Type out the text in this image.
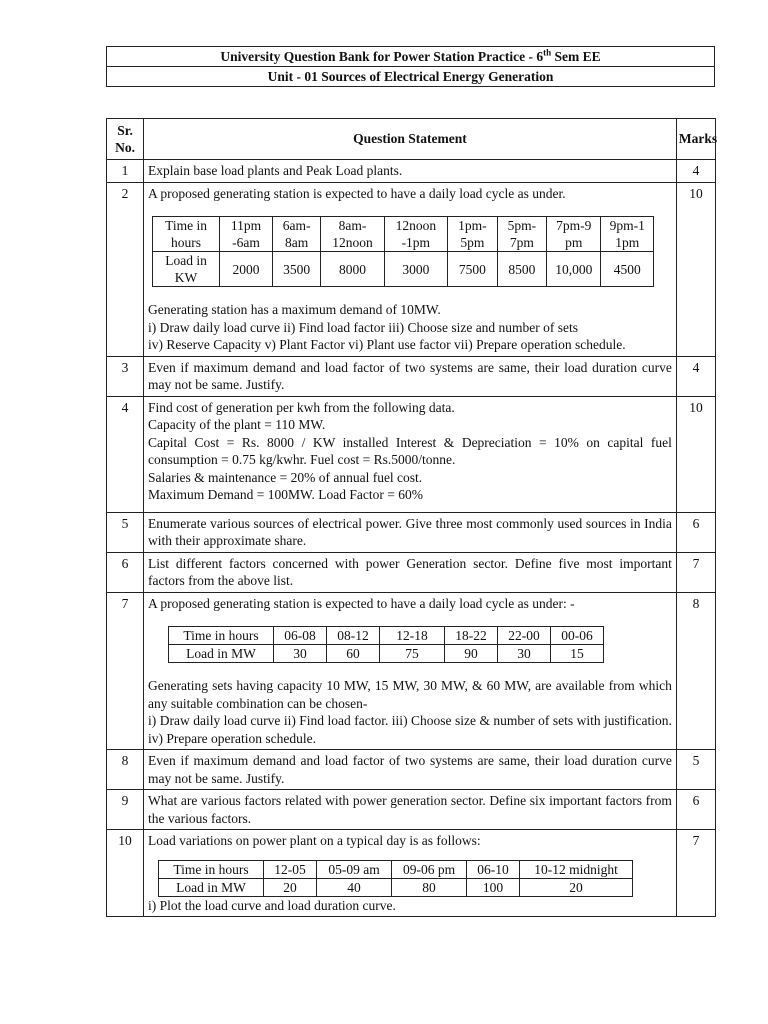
University Question Bank for Power Station Practice - 6th Sem EE
Unit - 01 Sources of Electrical Energy Generation
Sr. No.	Question Statement	Marks
1	Explain base load plants and Peak Load plants.	4
2	A proposed generating station is expected to have a daily load cycle as under.

Time in hours	11pm -6am	6am- 8am	8am- 12noon	12noon -1pm	1pm- 5pm	5pm- 7pm	7pm-9 pm	9pm-1 1pm
Load in KW	2000	3500	8000	3000	7500	8500	10,000	4500

Generating station has a maximum demand of 10MW.

i) Draw daily load curve ii) Find load factor iii) Choose size and number of sets

iv) Reserve Capacity v) Plant Factor vi) Plant use factor vii) Prepare operation schedule.

	10
3	Even if maximum demand and load factor of two systems are same, their load duration curve may not be same. Justify.	4
4	Find cost of generation per kwh from the following data.

Capacity of the plant = 110 MW.

Capital Cost = Rs. 8000 / KW installed Interest & Depreciation = 10% on capital fuel consumption = 0.75 kg/kwhr. Fuel cost = Rs.5000/tonne.

Salaries & maintenance = 20% of annual fuel cost.

Maximum Demand = 100MW. Load Factor = 60%

	10
5	Enumerate various sources of electrical power. Give three most commonly used sources in India with their approximate share.	6
6	List different factors concerned with power Generation sector. Define five most important factors from the above list.	7
7	A proposed generating station is expected to have a daily load cycle as under: -

Time in hours	06-08	08-12	12-18	18-22	22-00	00-06
Load in MW	30	60	75	90	30	15

Generating sets having capacity 10 MW, 15 MW, 30 MW, & 60 MW, are available from which any suitable combination can be chosen-

i) Draw daily load curve ii) Find load factor. iii) Choose size & number of sets with justification. iv) Prepare operation schedule.

	8
8	Even if maximum demand and load factor of two systems are same, their load duration curve may not be same. Justify.	5
9	What are various factors related with power generation sector. Define six important factors from the various factors.	6
10	Load variations on power plant on a typical day is as follows:

Time in hours	12-05	05-09 am	09-06 pm	06-10	10-12 midnight
Load in MW	20	40	80	100	20

i) Plot the load curve and load duration curve.

	7
